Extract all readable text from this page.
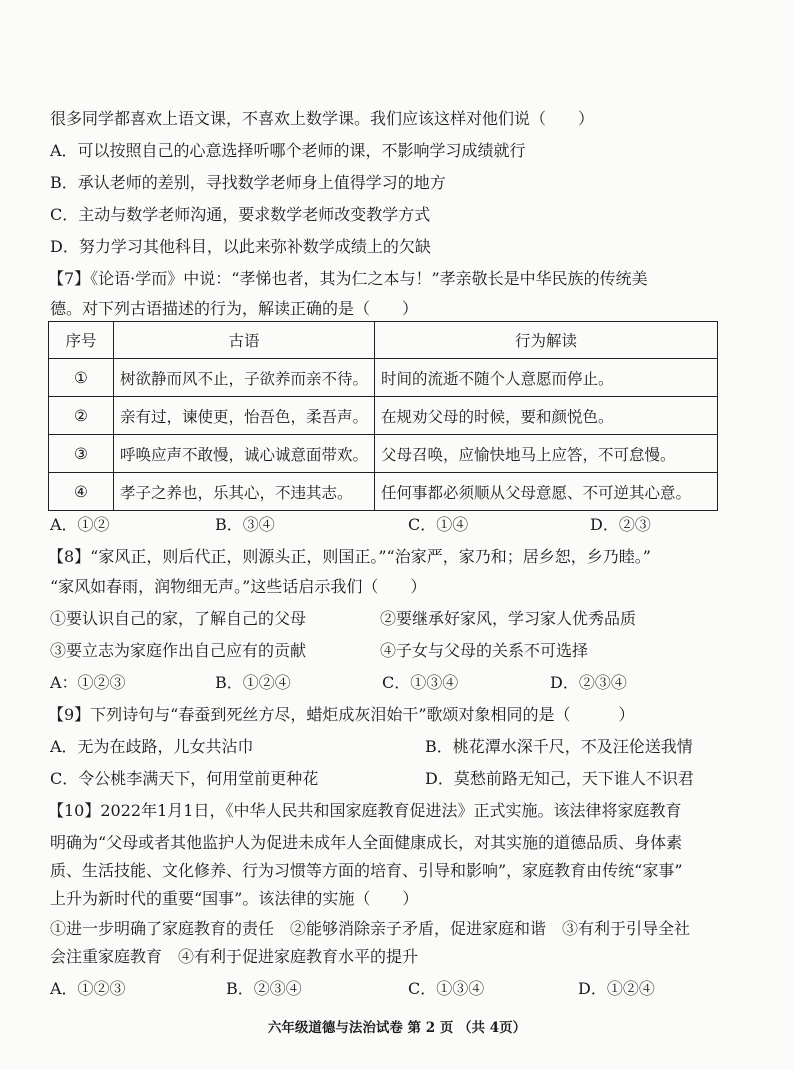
很多同学都喜欢上语文课，不喜欢上数学课。我们应该这样对他们说（　　）
A．可以按照自己的心意选择听哪个老师的课，不影响学习成绩就行
B．承认老师的差别，寻找数学老师身上值得学习的地方
C．主动与数学老师沟通，要求数学老师改变教学方式
D．努力学习其他科目，以此来弥补数学成绩上的欠缺
【7】《论语·学而》中说：“孝悌也者，其为仁之本与！”孝亲敬长是中华民族的传统美
德。对下列古语描述的行为，解读正确的是（　　）
序号	古语	行为解读
①	树欲静而风不止，子欲养而亲不待。	时间的流逝不随个人意愿而停止。
②	亲有过，谏使更，怡吾色，柔吾声。	在规劝父母的时候，要和颜悦色。
③	呼唤应声不敢慢，诚心诚意面带欢。	父母召唤，应愉快地马上应答，不可怠慢。
④	孝子之养也，乐其心，不违其志。	任何事都必须顺从父母意愿、不可逆其心意。
A．①②	B．③④	C．①④	D．②③
【8】“家风正，则后代正，则源头正，则国正。”“治家严，家乃和；居乡恕，乡乃睦。”
“家风如春雨，润物细无声。”这些话启示我们（　　）
①要认识自己的家，了解自己的父母	②要继承好家风，学习家人优秀品质
③要立志为家庭作出自己应有的贡献	④子女与父母的关系不可选择
A：①②③	B．①②④	C．①③④	D．②③④
【9】下列诗句与“春蚕到死丝方尽，蜡炬成灰泪始干”歌颂对象相同的是（　　　）
A．无为在歧路，儿女共沾巾	B．桃花潭水深千尺，不及汪伦送我情
C．令公桃李满天下，何用堂前更种花	D．莫愁前路无知己，天下谁人不识君
【10】2022年1月1日，《中华人民共和国家庭教育促进法》正式实施。该法律将家庭教育
明确为“父母或者其他监护人为促进未成年人全面健康成长，对其实施的道德品质、身体素
质、生活技能、文化修养、行为习惯等方面的培育、引导和影响”，家庭教育由传统“家事”
上升为新时代的重要“国事”。该法律的实施（　　）
①进一步明确了家庭教育的责任　②能够消除亲子矛盾，促进家庭和谐　③有利于引导全社
会注重家庭教育　④有利于促进家庭教育水平的提升
A．①②③	B．②③④	C．①③④	D．①②④
六年级道德与法治试卷 第 2 页 （共 4页）
